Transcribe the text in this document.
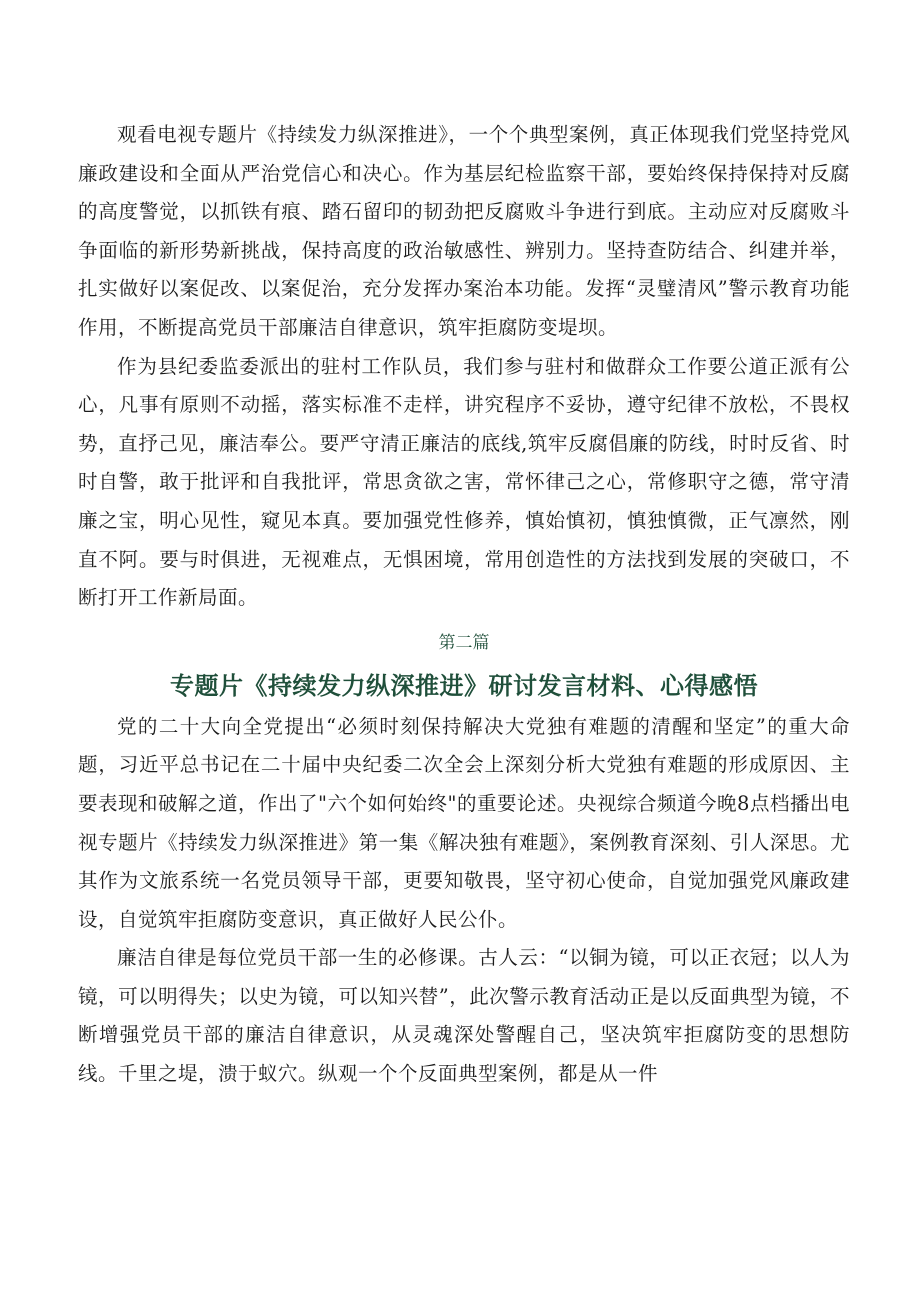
观看电视专题片《持续发力纵深推进》，一个个典型案例，真正体现我们党坚持党风廉政建设和全面从严治党信心和决心。作为基层纪检监察干部，要始终保持保持对反腐的高度警觉，以抓铁有痕、踏石留印的韧劲把反腐败斗争进行到底。主动应对反腐败斗争面临的新形势新挑战，保持高度的政治敏感性、辨别力。坚持查防结合、纠建并举，扎实做好以案促改、以案促治，充分发挥办案治本功能。发挥“灵璧清风”警示教育功能作用，不断提高党员干部廉洁自律意识，筑牢拒腐防变堤坝。

作为县纪委监委派出的驻村工作队员，我们参与驻村和做群众工作要公道正派有公心，凡事有原则不动摇，落实标准不走样，讲究程序不妥协，遵守纪律不放松，不畏权势，直抒己见，廉洁奉公。要严守清正廉洁的底线,筑牢反腐倡廉的防线，时时反省、时时自警，敢于批评和自我批评，常思贪欲之害，常怀律己之心，常修职守之德，常守清廉之宝，明心见性，窥见本真。要加强党性修养，慎始慎初，慎独慎微，正气凛然，刚直不阿。要与时俱进，无视难点，无惧困境，常用创造性的方法找到发展的突破口，不断打开工作新局面。

第二篇
专题片《持续发力纵深推进》研讨发言材料、心得感悟

党的二十大向全党提出“必须时刻保持解决大党独有难题的清醒和坚定”的重大命题，习近平总书记在二十届中央纪委二次全会上深刻分析大党独有难题的形成原因、主要表现和破解之道，作出了"六个如何始终"的重要论述。央视综合频道今晚8点档播出电视专题片《持续发力纵深推进》第一集《解决独有难题》，案例教育深刻、引人深思。尤其作为文旅系统一名党员领导干部，更要知敬畏，坚守初心使命，自觉加强党风廉政建设，自觉筑牢拒腐防变意识，真正做好人民公仆。

廉洁自律是每位党员干部一生的必修课。古人云：“以铜为镜，可以正衣冠；以人为镜，可以明得失；以史为镜，可以知兴替”，此次警示教育活动正是以反面典型为镜，不断增强党员干部的廉洁自律意识，从灵魂深处警醒自己，坚决筑牢拒腐防变的思想防线。千里之堤，溃于蚁穴。纵观一个个反面典型案例，都是从一件
